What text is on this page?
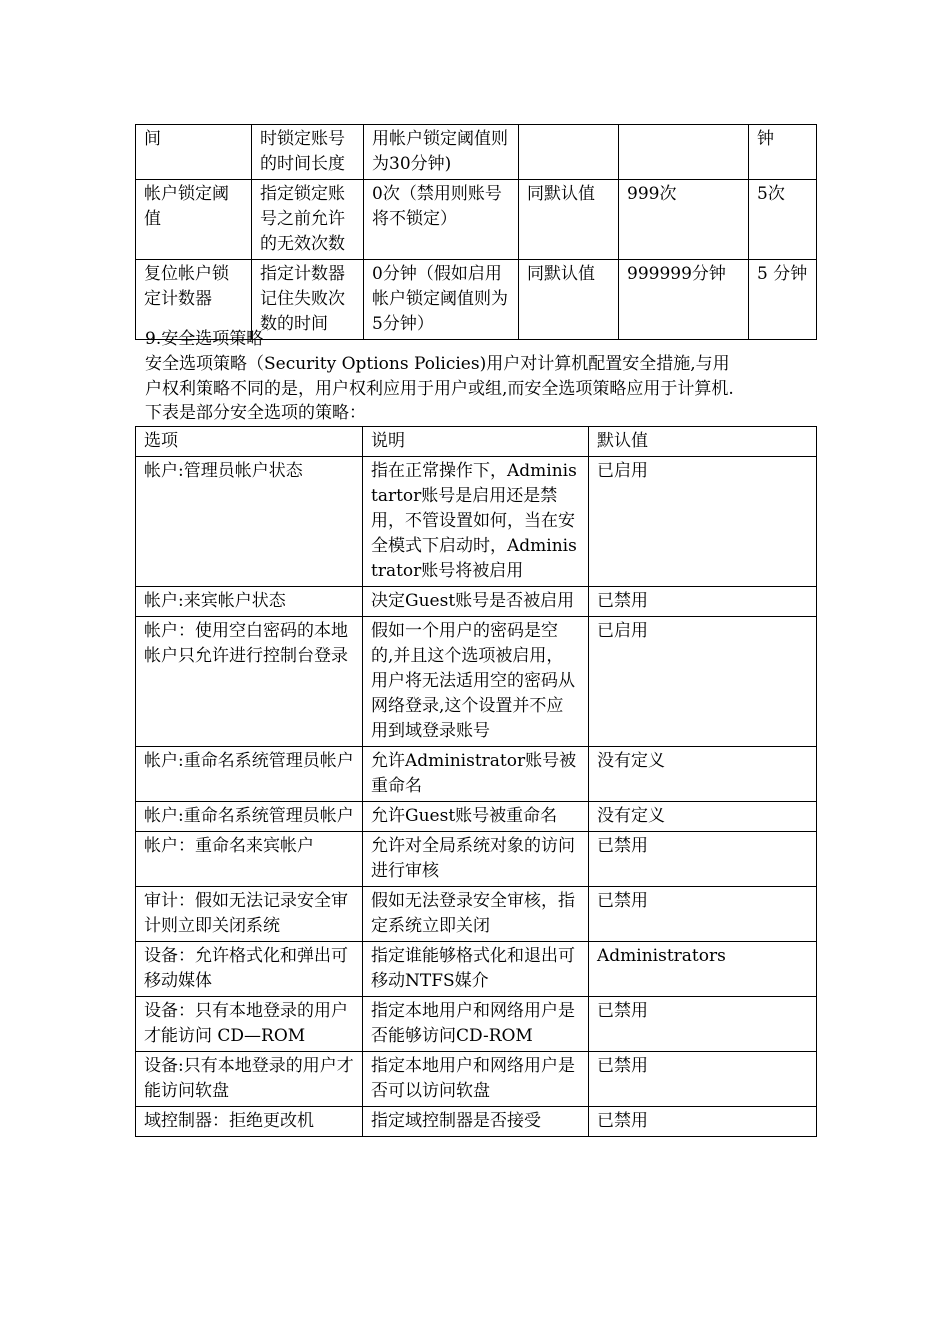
间	时锁定账号的时间长度	用帐户锁定阈值则为30分钟)			钟
帐户锁定阈值	指定锁定账号之前允许的无效次数	0次（禁用则账号将不锁定）	同默认值	999次	5次
复位帐户锁定计数器	指定计数器记住失败次数的时间	0分钟（假如启用帐户锁定阈值则为5分钟）	同默认值	999999分钟	5 分钟
9.安全选项策略
安全选项策略（Security Options Policies)用户对计算机配置安全措施,与用
户权利策略不同的是，用户权利应用于用户或组,而安全选项策略应用于计算机.
下表是部分安全选项的策略：
选项	说明	默认值
帐户:管理员帐户状态	指在正常操作下，Administartor账号是启用还是禁用，不管设置如何，当在安全模式下启动时，Administrator账号将被启用	已启用
帐户:来宾帐户状态	决定Guest账号是否被启用	已禁用
帐户：使用空白密码的本地帐户只允许进行控制台登录	假如一个用户的密码是空的,并且这个选项被启用，用户将无法适用空的密码从网络登录,这个设置并不应用到域登录账号	已启用
帐户:重命名系统管理员帐户	允许Administrator账号被重命名	没有定义
帐户:重命名系统管理员帐户	允许Guest账号被重命名	没有定义
帐户：重命名来宾帐户	允许对全局系统对象的访问进行审核	已禁用
审计：假如无法记录安全审计则立即关闭系统	假如无法登录安全审核，指定系统立即关闭	已禁用
设备：允许格式化和弹出可移动媒体	指定谁能够格式化和退出可移动NTFS媒介	Administrators
设备：只有本地登录的用户才能访问 CD—ROM	指定本地用户和网络用户是否能够访问CD-ROM	已禁用
设备:只有本地登录的用户才能访问软盘	指定本地用户和网络用户是否可以访问软盘	已禁用
域控制器：拒绝更改机	指定域控制器是否接受	已禁用
